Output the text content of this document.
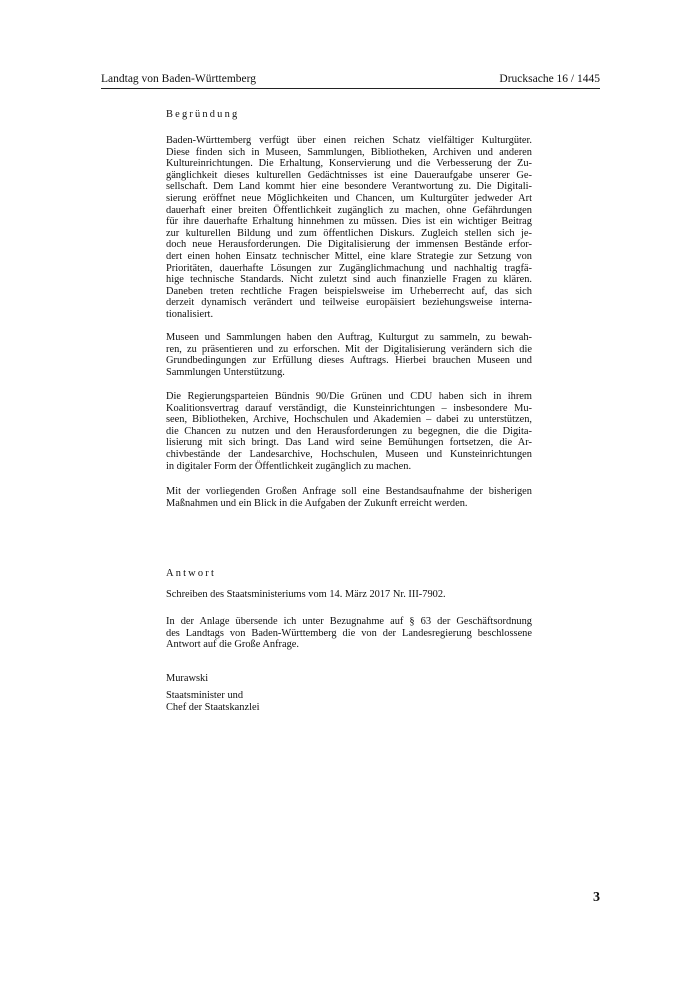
Landtag von Baden-Württemberg	Drucksache 16 / 1445
Begründung
Baden-Württemberg verfügt über einen reichen Schatz vielfältiger Kulturgüter.
Diese finden sich in Museen, Sammlungen, Bibliotheken, Archiven und anderen
Kultureinrichtungen. Die Erhaltung, Konservierung und die Verbesserung der Zu-
gänglichkeit dieses kulturellen Gedächtnisses ist eine Daueraufgabe unserer Ge-
sellschaft. Dem Land kommt hier eine besondere Verantwortung zu. Die Digitali-
sierung eröffnet neue Möglichkeiten und Chancen, um Kulturgüter jedweder Art
dauerhaft einer breiten Öffentlichkeit zugänglich zu machen, ohne Gefährdungen
für ihre dauerhafte Erhaltung hinnehmen zu müssen. Dies ist ein wichtiger Beitrag
zur kulturellen Bildung und zum öffentlichen Diskurs. Zugleich stellen sich je-
doch neue Herausforderungen. Die Digitalisierung der immensen Bestände erfor-
dert einen hohen Einsatz technischer Mittel, eine klare Strategie zur Setzung von
Prioritäten, dauerhafte Lösungen zur Zugänglichmachung und nachhaltig tragfä-
hige technische Standards. Nicht zuletzt sind auch finanzielle Fragen zu klären.
Daneben treten rechtliche Fragen beispielsweise im Urheberrecht auf, das sich
derzeit dynamisch verändert und teilweise europäisiert beziehungsweise interna-
tionalisiert.
Museen und Sammlungen haben den Auftrag, Kulturgut zu sammeln, zu bewah-
ren, zu präsentieren und zu erforschen. Mit der Digitalisierung verändern sich die
Grundbedingungen zur Erfüllung dieses Auftrags. Hierbei brauchen Museen und
Sammlungen Unterstützung.
Die Regierungsparteien Bündnis 90/Die Grünen und CDU haben sich in ihrem
Koalitionsvertrag darauf verständigt, die Kunsteinrichtungen – insbesondere Mu-
seen, Bibliotheken, Archive, Hochschulen und Akademien – dabei zu unterstützen,
die Chancen zu nutzen und den Herausforderungen zu begegnen, die die Digita-
lisierung mit sich bringt. Das Land wird seine Bemühungen fortsetzen, die Ar-
chivbestände der Landesarchive, Hochschulen, Museen und Kunsteinrichtungen
in digitaler Form der Öffentlichkeit zugänglich zu machen.
Mit der vorliegenden Großen Anfrage soll eine Bestandsaufnahme der bisherigen
Maßnahmen und ein Blick in die Aufgaben der Zukunft erreicht werden.
Antwort
Schreiben des Staatsministeriums vom 14. März 2017 Nr. III-7902.
In der Anlage übersende ich unter Bezugnahme auf § 63 der Geschäftsordnung
des Landtags von Baden-Württemberg die von der Landesregierung beschlossene
Antwort auf die Große Anfrage.
Murawski
Staatsminister und
Chef der Staatskanzlei
3
